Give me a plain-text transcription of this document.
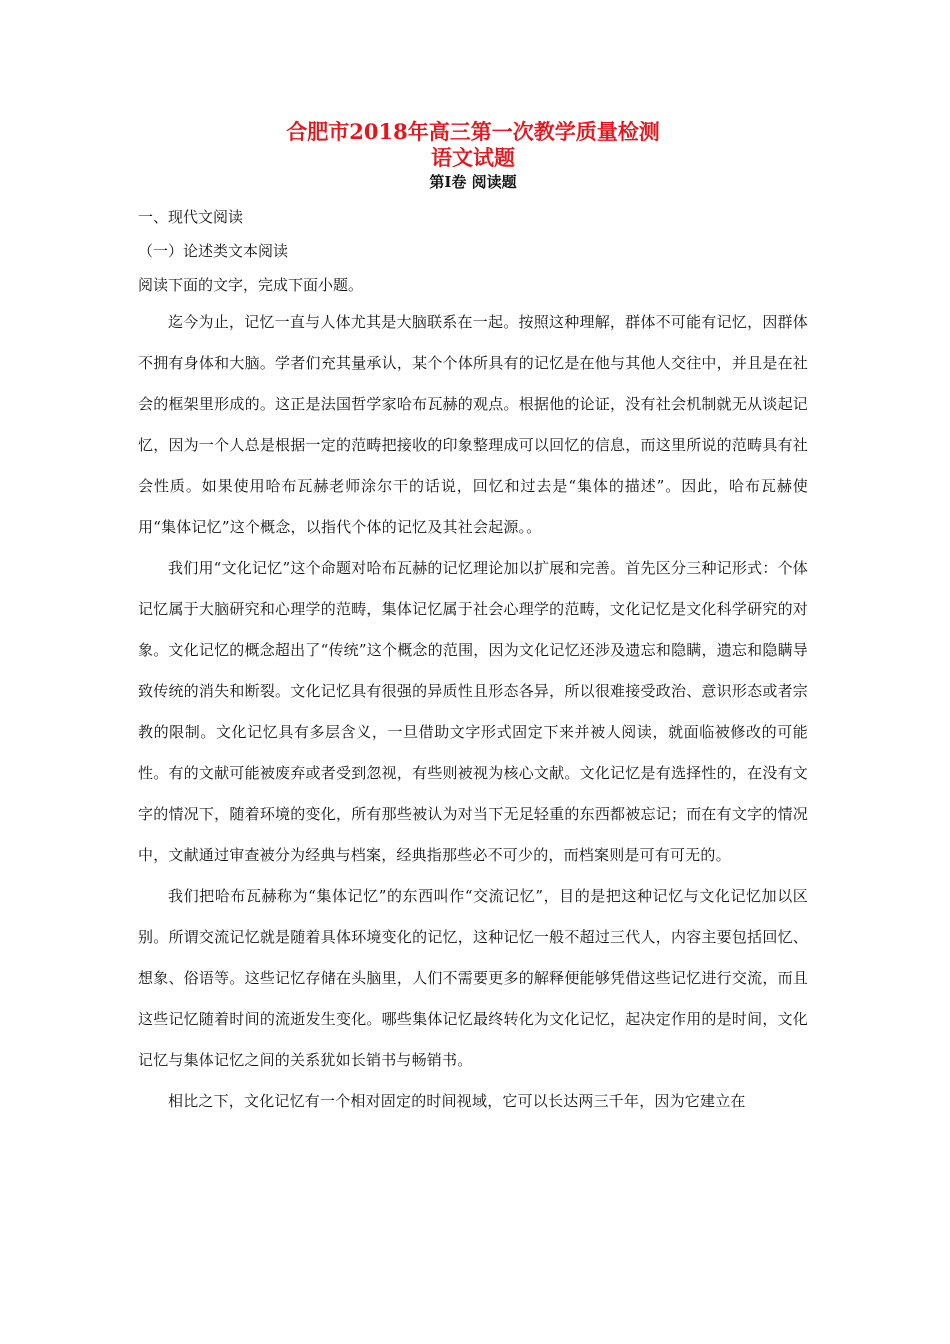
合肥市2018年高三第一次教学质量检测
语文试题
第Ⅰ卷 阅读题

一、现代文阅读

（一）论述类文本阅读

阅读下面的文字，完成下面小题。

迄今为止，记忆一直与人体尤其是大脑联系在一起。按照这种理解，群体不可能有记忆，因群体不拥有身体和大脑。学者们充其量承认，某个个体所具有的记忆是在他与其他人交往中，并且是在社会的框架里形成的。这正是法国哲学家哈布瓦赫的观点。根据他的论证，没有社会机制就无从谈起记忆，因为一个人总是根据一定的范畴把接收的印象整理成可以回忆的信息，而这里所说的范畴具有社会性质。如果使用哈布瓦赫老师涂尔干的话说，回忆和过去是“集体的描述”。因此，哈布瓦赫使用“集体记忆”这个概念，以指代个体的记忆及其社会起源。。

我们用“文化记忆”这个命题对哈布瓦赫的记忆理论加以扩展和完善。首先区分三种记形式：个体记忆属于大脑研究和心理学的范畴，集体记忆属于社会心理学的范畴，文化记忆是文化科学研究的对象。文化记忆的概念超出了“传统”这个概念的范围，因为文化记忆还涉及遗忘和隐瞒，遗忘和隐瞒导致传统的消失和断裂。文化记忆具有很强的异质性且形态各异，所以很难接受政治、意识形态或者宗教的限制。文化记忆具有多层含义，一旦借助文字形式固定下来并被人阅读，就面临被修改的可能性。有的文献可能被废弃或者受到忽视，有些则被视为核心文献。文化记忆是有选择性的，在没有文字的情况下，随着环境的变化，所有那些被认为对当下无足轻重的东西都被忘记；而在有文字的情况中，文献通过审查被分为经典与档案，经典指那些必不可少的，而档案则是可有可无的。

我们把哈布瓦赫称为“集体记忆”的东西叫作“交流记忆”，目的是把这种记忆与文化记忆加以区别。所谓交流记忆就是随着具体环境变化的记忆，这种记忆一般不超过三代人，内容主要包括回忆、想象、俗语等。这些记忆存储在头脑里，人们不需要更多的解释便能够凭借这些记忆进行交流，而且这些记忆随着时间的流逝发生变化。哪些集体记忆最终转化为文化记忆，起决定作用的是时间，文化记忆与集体记忆之间的关系犹如长销书与畅销书。

相比之下，文化记忆有一个相对固定的时间视域，它可以长达两三千年，因为它建立在
